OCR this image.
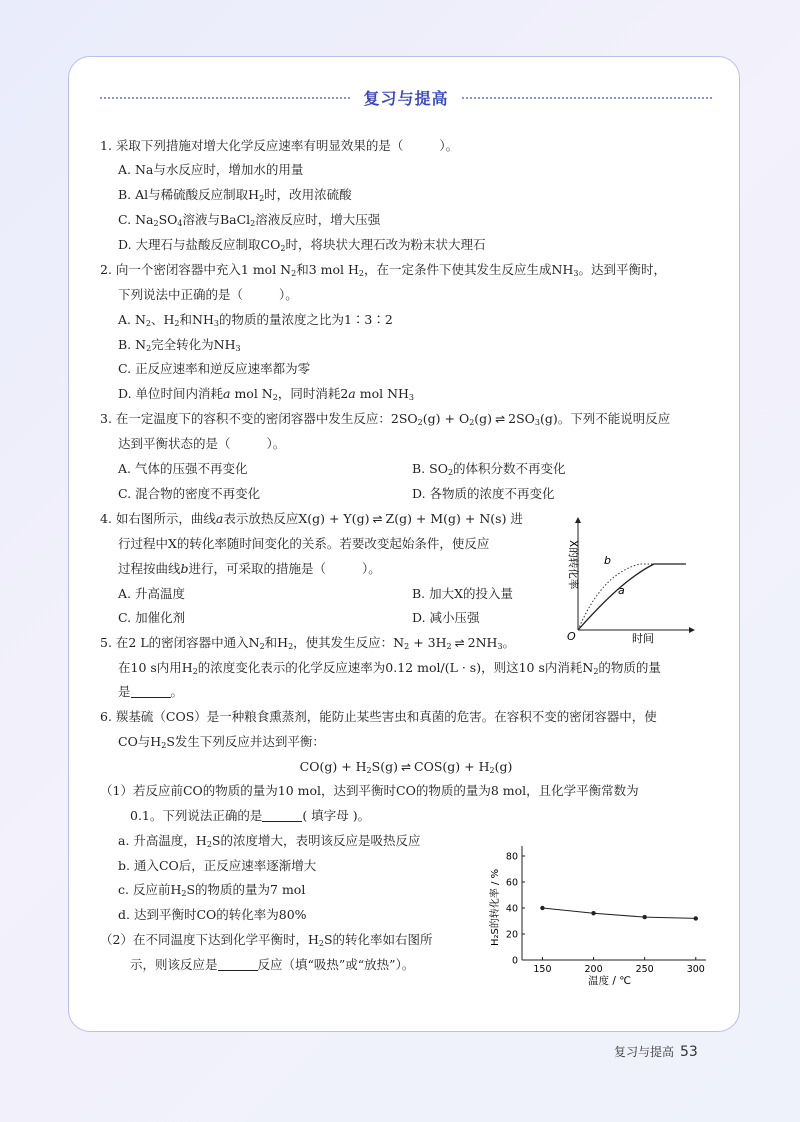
复习与提高
1. 采取下列措施对增大化学反应速率有明显效果的是（	）。
A. Na与水反应时，增加水的用量
B. Al与稀硫酸反应制取$H_2$时，改用浓硫酸
C. $Na_2SO_4$溶液与BaCl$_2$溶液反应时，增大压强
D. 大理石与盐酸反应制取$CO_2$时，将块状大理石改为粉末状大理石
2. 向一个密闭容器中充入1 mol $N_2$和3 mol $H_2$，在一定条件下使其发生反应生成$NH_3$。达到平衡时，
下列说法中正确的是（	）。
A. $N_2$、$H_2$和$NH_3$的物质的量浓度之比为1∶3∶2
B. $N_2$完全转化为$NH_3$
C. 正反应速率和逆反应速率都为零
D. 单位时间内消耗a mol $N_2$，同时消耗2a mol $NH_3$
3. 在一定温度下的容积不变的密闭容器中发生反应：$2SO_2(g) + O_2(g)$ ⇌ $2SO_3(g)$。下列不能说明反应
达到平衡状态的是（	）。
A. 气体的压强不再变化	B. $SO_2$的体积分数不再变化
C. 混合物的密度不再变化	D. 各物质的浓度不再变化
4. 如右图所示，曲线a表示放热反应X(g) + Y(g) ⇌ Z(g) + M(g) + N(s) 进
行过程中X的转化率随时间变化的关系。若要改变起始条件，使反应
过程按曲线b进行，可采取的措施是（	）。
A. 升高温度	B. 加大X的投入量
C. 加催化剂	D. 减小压强
b
a
O	时间
X的转化率
5. 在2 L的密闭容器中通入$N_2$和$H_2$，使其发生反应：$N_2 + 3H_2$ ⇌ $2NH_3$。
在10 s内用$H_2$的浓度变化表示的化学反应速率为0.12 mol/(L · s)，则这10 s内消耗$N_2$的物质的量
是	。
6. 羰基硫（COS）是一种粮食熏蒸剂，能防止某些害虫和真菌的危害。在容积不变的密闭容器中，使
CO与$H_2S$发生下列反应并达到平衡：
$CO(g) + H_2S(g)$ ⇌ $COS(g) + H_2(g)$
（1）若反应前CO的物质的量为10 mol，达到平衡时CO的物质的量为8 mol，且化学平衡常数为
0.1。下列说法正确的是	( 填字母 )。
a. 升高温度，$H_2S$的浓度增大，表明该反应是吸热反应
b. 通入CO后，正反应速率逐渐增大
c. 反应前$H_2S$的物质的量为7 mol
d. 达到平衡时CO的转化率为80%
（2）在不同温度下达到化学平衡时，$H_2S$的转化率如右图所
示，则该反应是	反应（填“吸热”或“放热”）。	0
20
40
60
80
150	200	250	300
温度 / ℃
H₂S的转化率 / %
复习与提高 53
